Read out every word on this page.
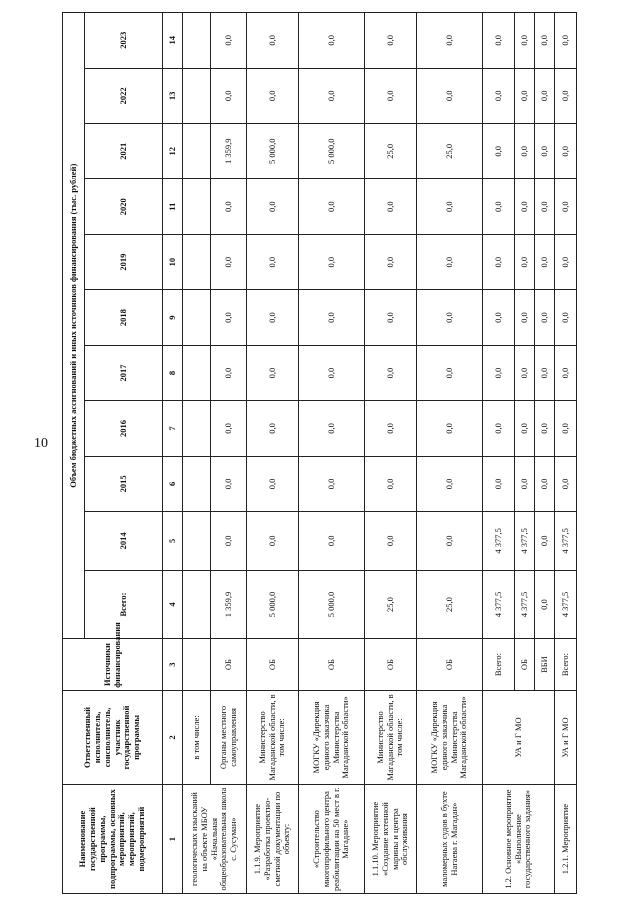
10
Наименование государственной программы, подпрограммы, основных мероприятий, мероприятий, подмероприятий	Ответственный исполнитель, соисполнитель, участник государственной программы	Источники финансирования	Объем бюджетных ассигнований и иных источников финансирования (тыс. рублей)										
			Всего:	2014	2015	2016	2017	2018	2019	2020	2021	2022	2023
1	2	3	4	5	6	7	8	9	10	11	12	13	14
геологических изысканий на объекте МБОУ «Начальная общеобразовательная школа с. Сусуман»	в том числе:												
	Органы местного самоуправления	ОБ	1 359,9	0,0	0,0	0,0	0,0	0,0	0,0	0,0	1 359,9	0,0	0,0
1.1.9. Мероприятие «Разработка проектно-сметной документации по объекту:	Министерство Магаданской области, в том числе:	ОБ	5 000,0	0,0	0,0	0,0	0,0	0,0	0,0	0,0	5 000,0	0,0	0,0
«Строительство многопрофильного центра реабилитации на 50 мест в г. Магадане»	МОГКУ «Дирекция единого заказчика Министерства Магаданской области»	ОБ	5 000,0	0,0	0,0	0,0	0,0	0,0	0,0	0,0	5 000,0	0,0	0,0
1.1.10. Мероприятие «Создание яхтенной марины и центра обслуживания	Министерство Магаданской области, в том числе:	ОБ	25,0	0,0	0,0	0,0	0,0	0,0	0,0	0,0	25,0	0,0	0,0
маломерных судов в бухте Нагаева г. Магадан»	МОГКУ «Дирекция единого заказчика Министерства Магаданской области»	ОБ	25,0	0,0	0,0	0,0	0,0	0,0	0,0	0,0	25,0	0,0	0,0
1.2. Основное мероприятие «Выполнение государственного задания»	УА и Г МО	Всего:	4 377,5	4 377,5	0,0	0,0	0,0	0,0	0,0	0,0	0,0	0,0	0,0
		ОБ	4 377,5	4 377,5	0,0	0,0	0,0	0,0	0,0	0,0	0,0	0,0	0,0
		ВБИ	0,0	0,0	0,0	0,0	0,0	0,0	0,0	0,0	0,0	0,0	0,0
1.2.1. Мероприятие	УА и Г МО	Всего:	4 377,5	4 377,5	0,0	0,0	0,0	0,0	0,0	0,0	0,0	0,0	0,0
